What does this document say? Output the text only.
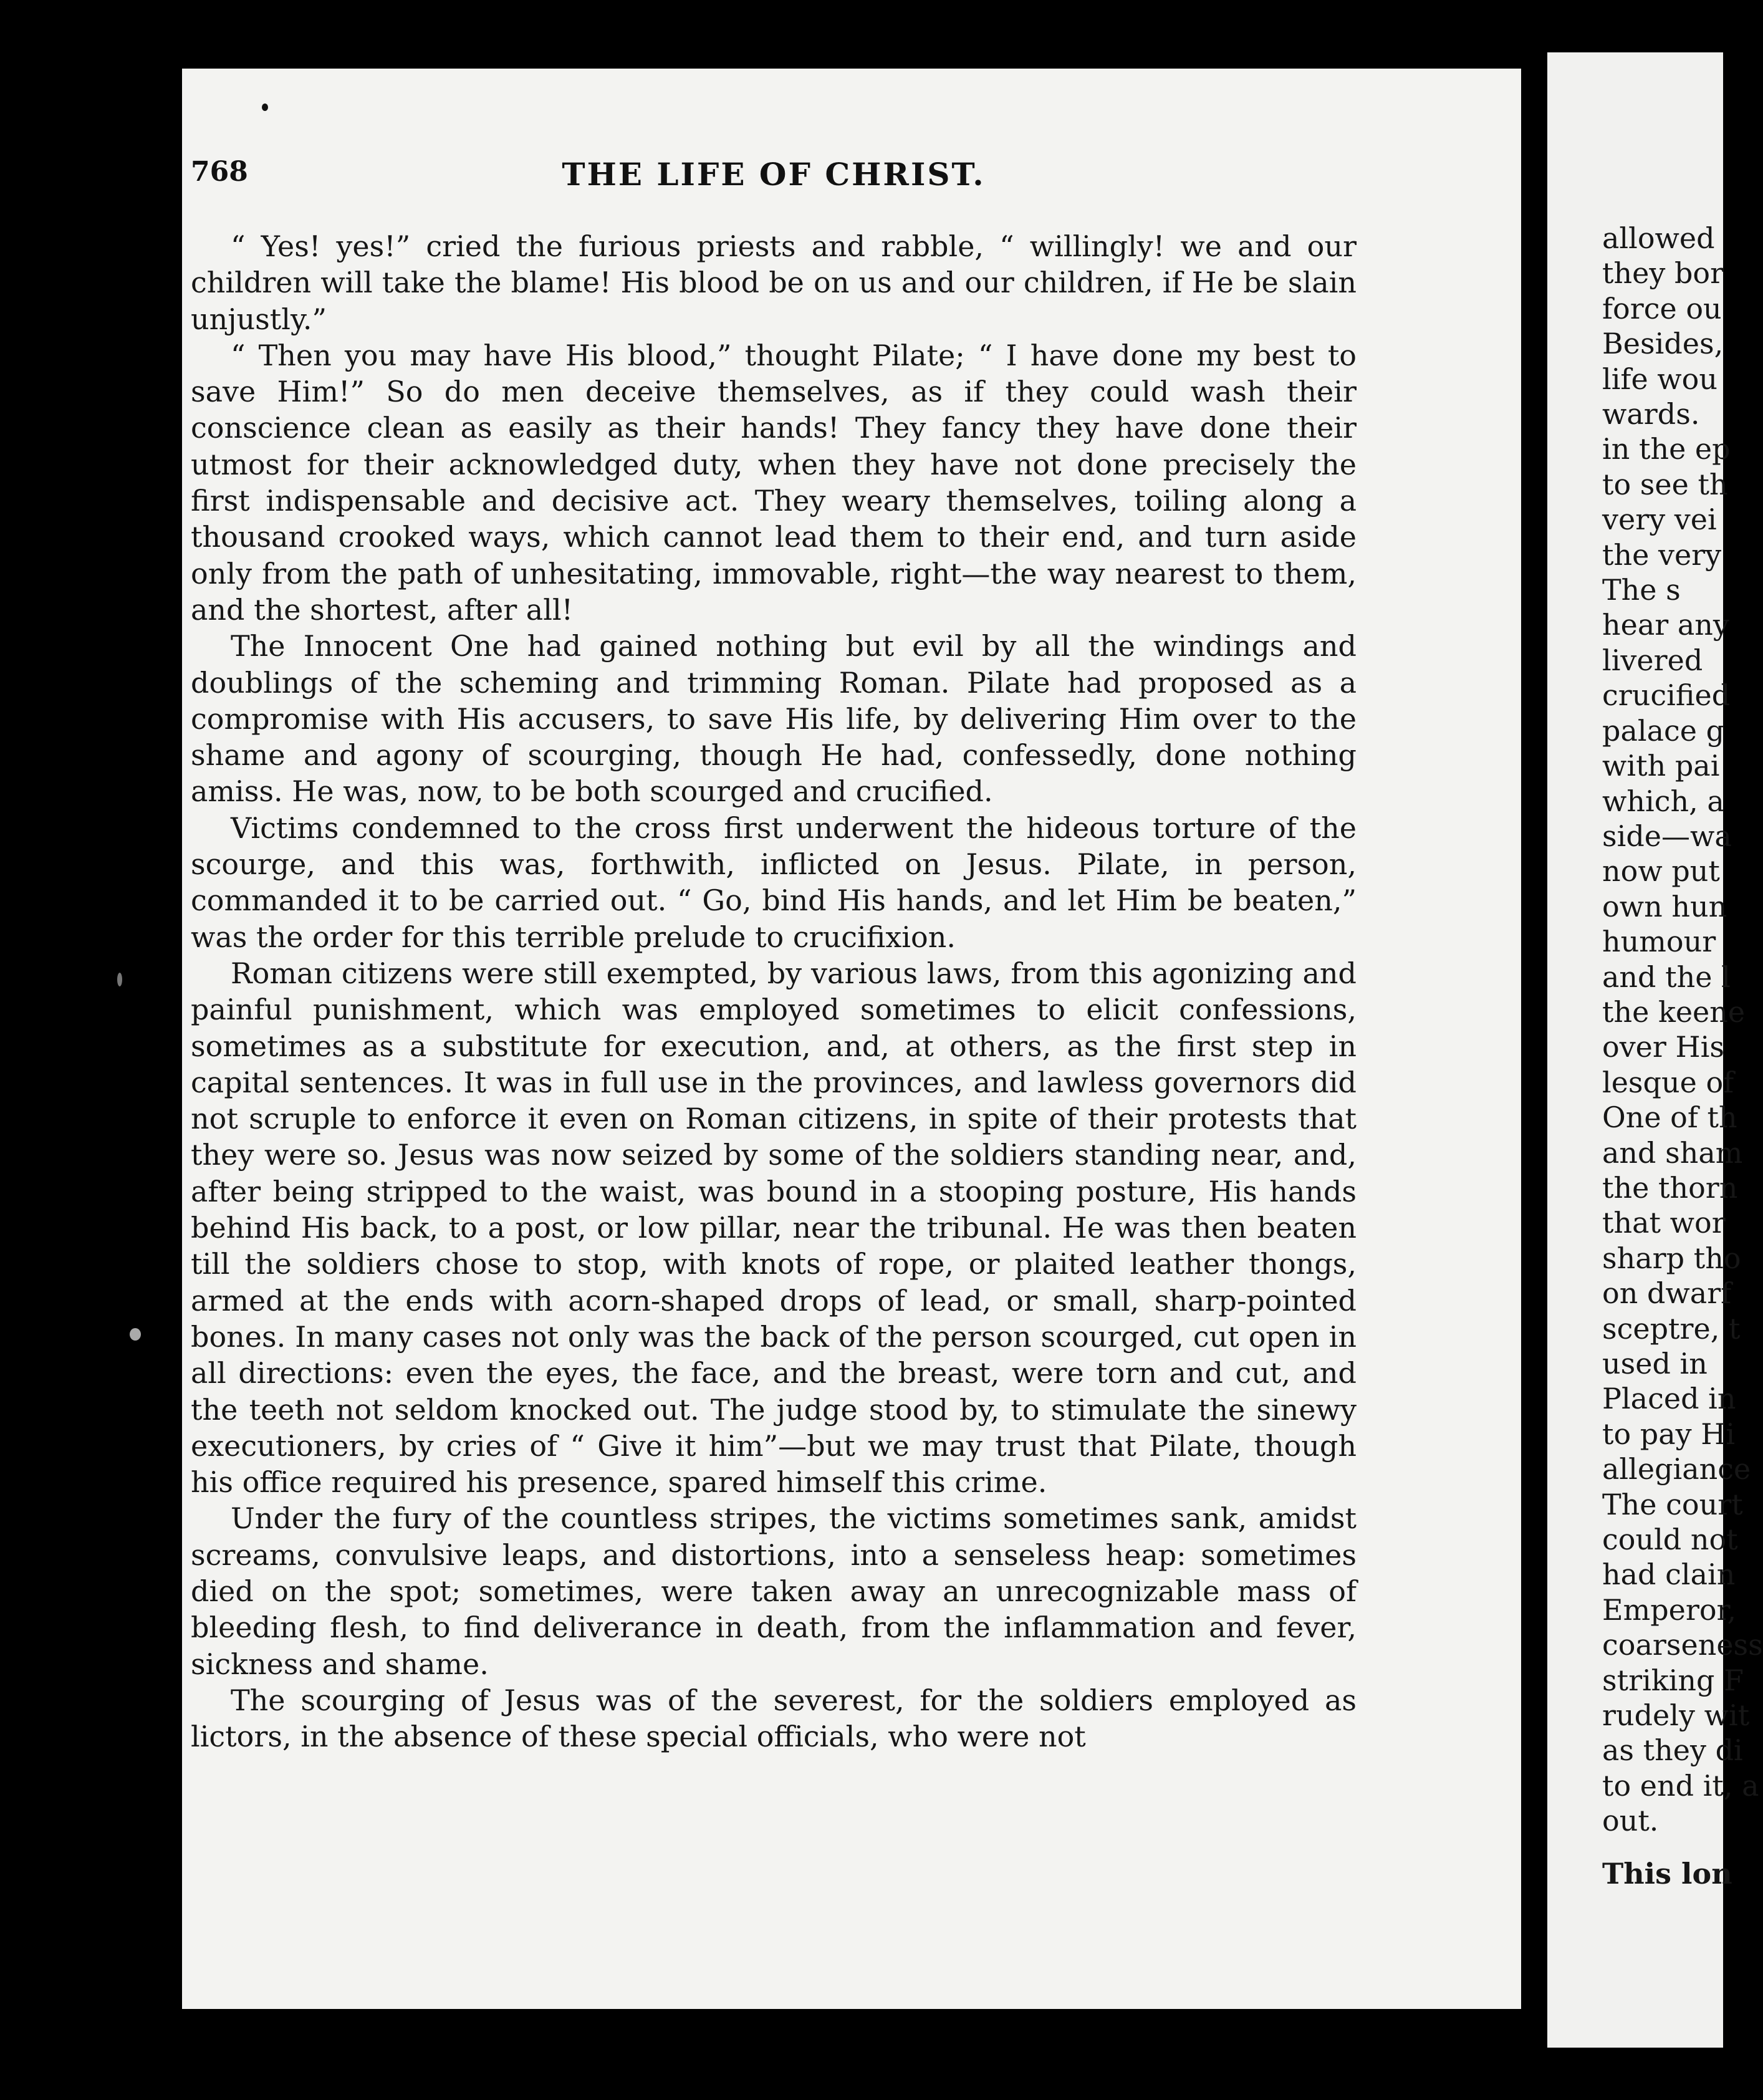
768	THE LIFE OF CHRIST.

“ Yes! yes!” cried the furious priests and rabble, “ willingly! we and our children will take the blame! His blood be on us and our children, if He be slain unjustly.”

“ Then you may have His blood,” thought Pilate; “ I have done my best to save Him!” So do men deceive themselves, as if they could wash their conscience clean as easily as their hands! They fancy they have done their utmost for their acknowledged duty, when they have not done precisely the first indispensable and decisive act. They weary themselves, toiling along a thousand crooked ways, which cannot lead them to their end, and turn aside only from the path of unhesitating, immovable, right—the way nearest to them, and the shortest, after all!

The Innocent One had gained nothing but evil by all the windings and doublings of the scheming and trimming Roman. Pilate had proposed as a compromise with His accusers, to save His life, by delivering Him over to the shame and agony of scourging, though He had, confessedly, done nothing amiss. He was, now, to be both scourged and crucified.

Victims condemned to the cross first underwent the hideous torture of the scourge, and this was, forthwith, inflicted on Jesus. Pilate, in person, commanded it to be carried out. “ Go, bind His hands, and let Him be beaten,” was the order for this terrible prelude to crucifixion.

Roman citizens were still exempted, by various laws, from this agonizing and painful punishment, which was employed sometimes to elicit confessions, sometimes as a substitute for execution, and, at others, as the first step in capital sentences. It was in full use in the provinces, and lawless governors did not scruple to enforce it even on Roman citizens, in spite of their protests that they were so. Jesus was now seized by some of the soldiers standing near, and, after being stripped to the waist, was bound in a stooping posture, His hands behind His back, to a post, or low pillar, near the tribunal. He was then beaten till the soldiers chose to stop, with knots of rope, or plaited leather thongs, armed at the ends with acorn-shaped drops of lead, or small, sharp-pointed bones. In many cases not only was the back of the person scourged, cut open in all directions: even the eyes, the face, and the breast, were torn and cut, and the teeth not seldom knocked out. The judge stood by, to stimulate the sinewy executioners, by cries of “ Give it him”—but we may trust that Pilate, though his office required his presence, spared himself this crime.

Under the fury of the countless stripes, the victims sometimes sank, amidst screams, convulsive leaps, and distortions, into a senseless heap: sometimes died on the spot; sometimes, were taken away an unrecognizable mass of bleeding flesh, to find deliverance in death, from the inflammation and fever, sickness and shame.

The scourging of Jesus was of the severest, for the soldiers employed as lictors, in the absence of these special officials, who were not

allowed
they bor
force ou
Besides,
life wou
wards.
in the ep
to see th
very vei
the very
The s
hear any
livered
crucified
palace g
with pai
which, a
side—wa
now put
own hun
humour
and the l
the keene
over His
lesque of
One of th
and sham
the thorn
that wor
sharp tho
on dwarf
sceptre, t
used in
Placed in
to pay Hi
allegiance
The court
could not
had clain
Emperor,
coarseness
striking F
rudely wit
as they di
to end it, a
out.
This lon
